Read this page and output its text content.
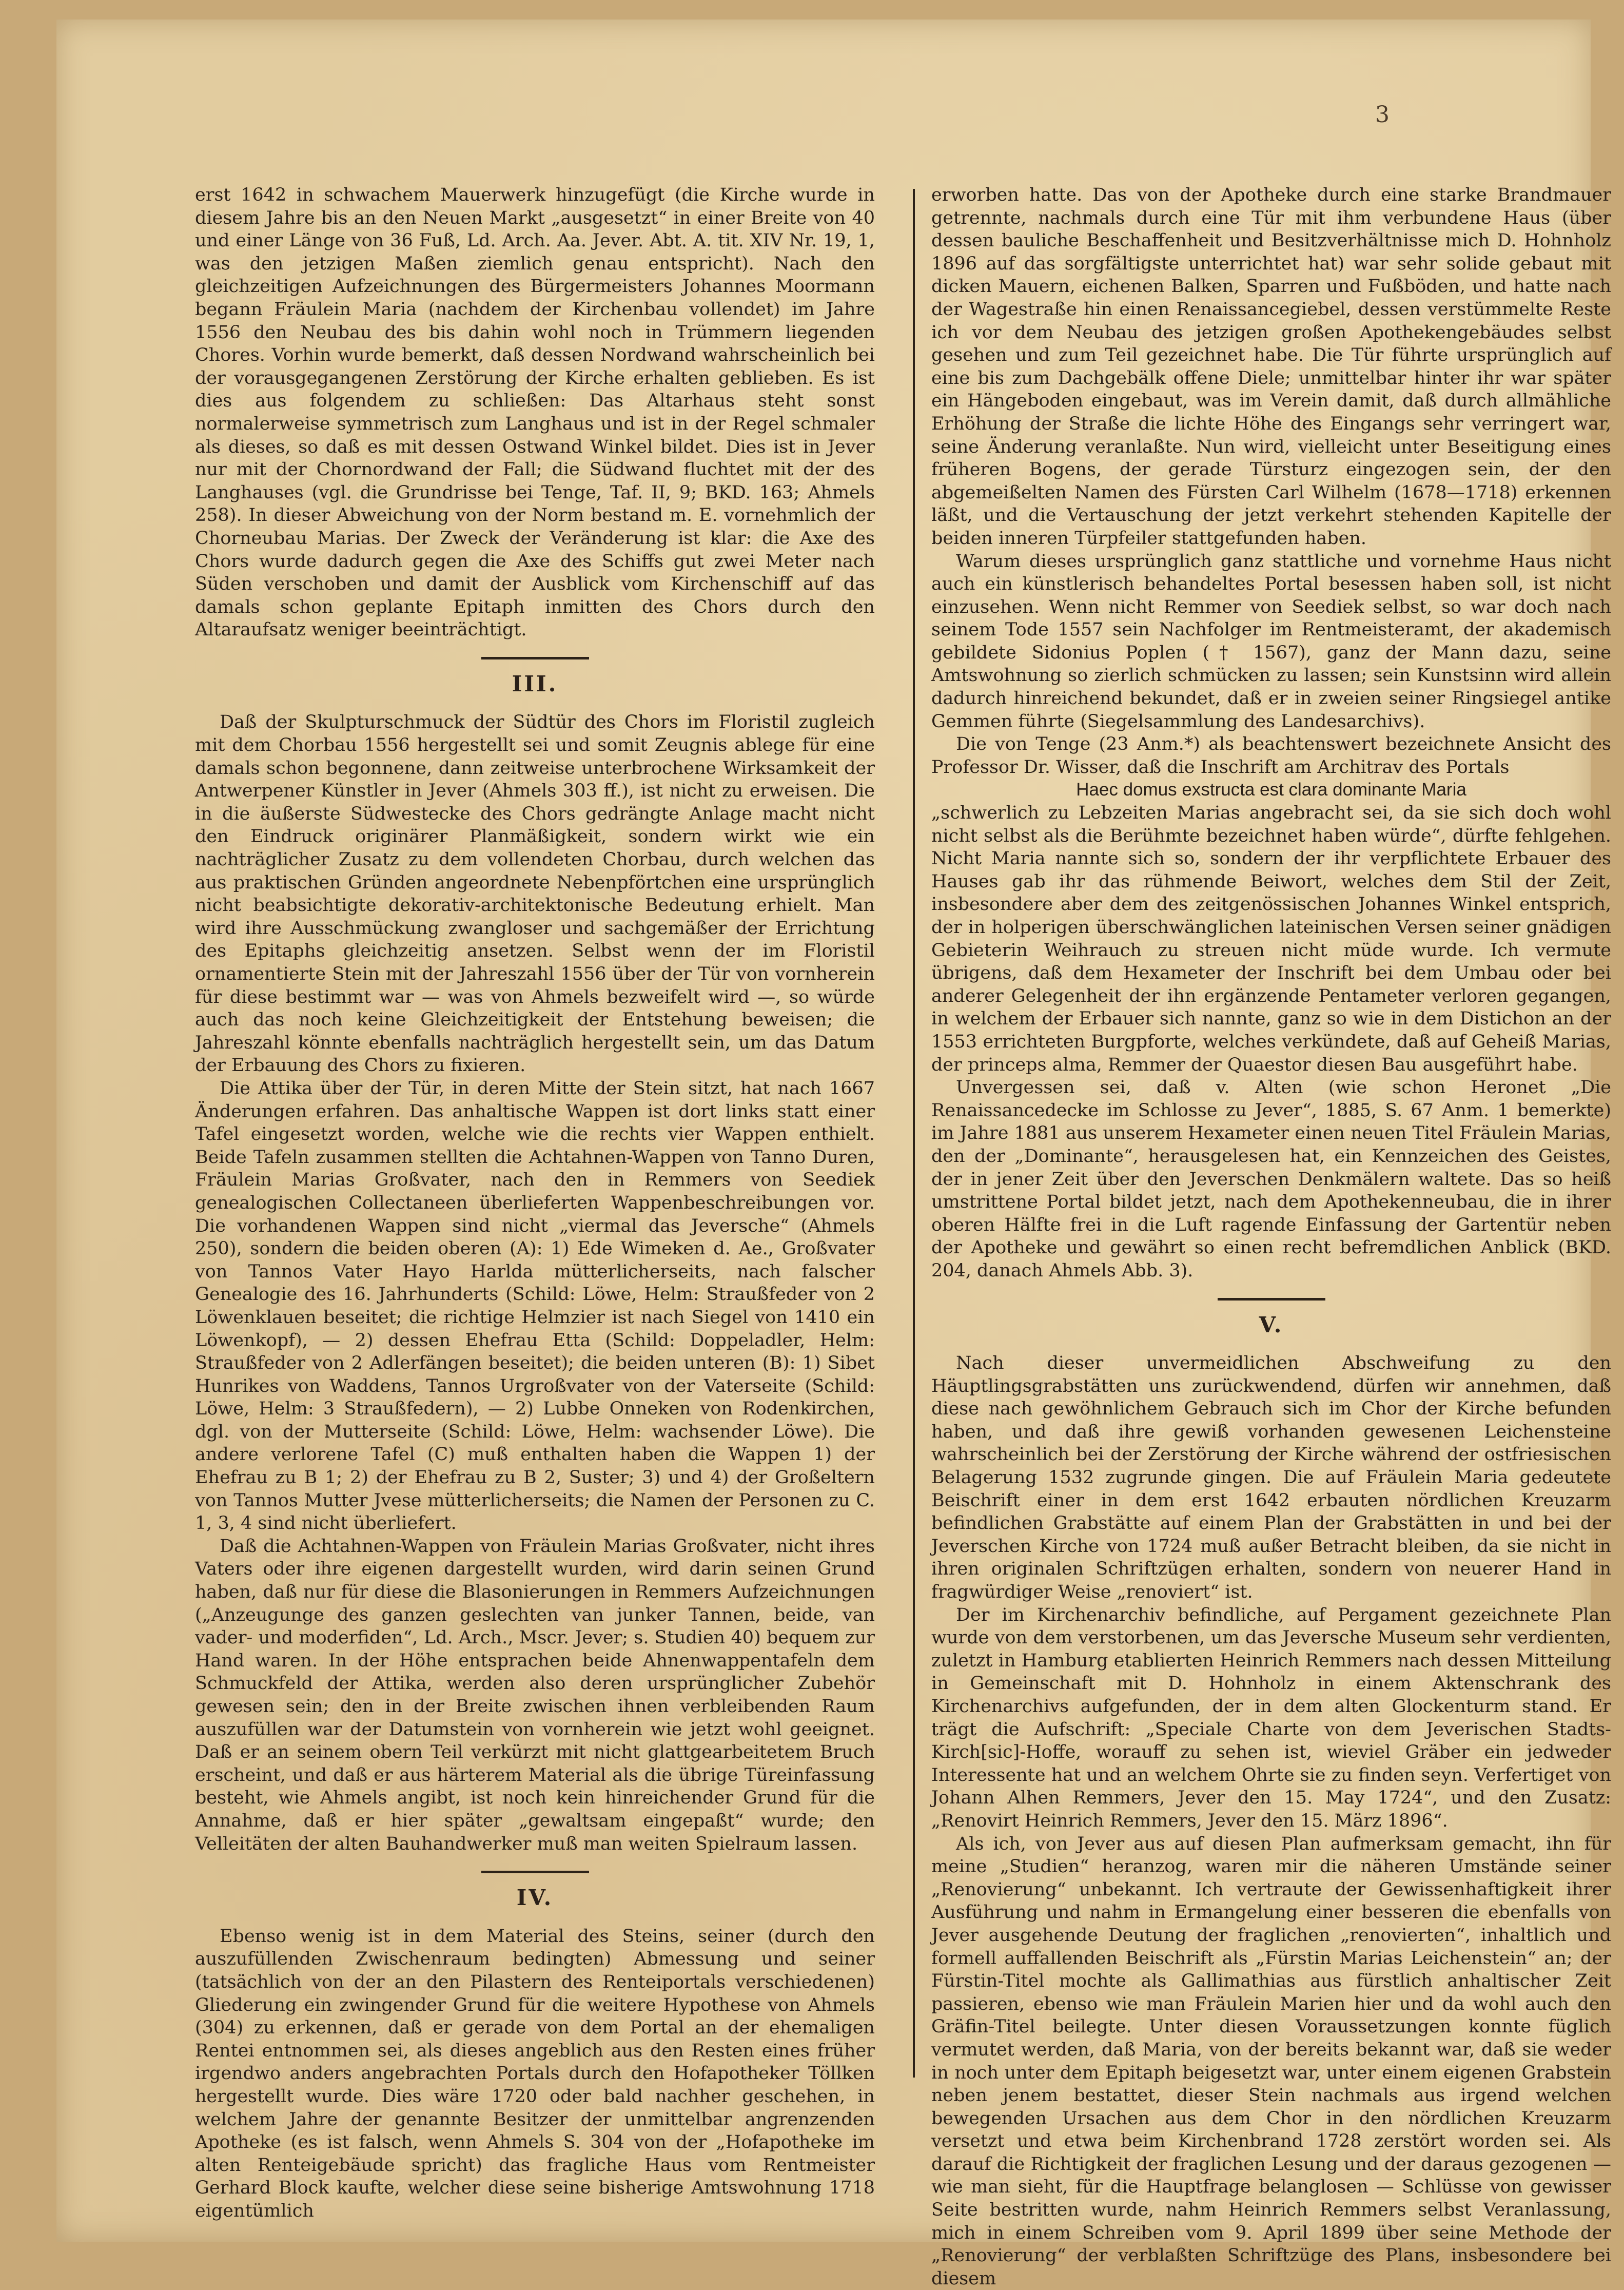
3

erst 1642 in schwachem Mauerwerk hinzugefügt (die Kirche wurde in diesem Jahre bis an den Neuen Markt „ausgesetzt“ in einer Breite von 40 und einer Länge von 36 Fuß, Ld. Arch. Aa. Jever. Abt. A. tit. XIV Nr. 19, 1, was den jetzigen Maßen ziemlich genau entspricht). Nach den gleichzeitigen Aufzeichnungen des Bürgermeisters Johannes Moormann begann Fräulein Maria (nachdem der Kirchenbau vollendet) im Jahre 1556 den Neubau des bis dahin wohl noch in Trümmern liegenden Chores. Vorhin wurde bemerkt, daß dessen Nordwand wahrscheinlich bei der vorausgegangenen Zerstörung der Kirche erhalten geblieben. Es ist dies aus folgendem zu schließen: Das Altarhaus steht sonst normalerweise symmetrisch zum Langhaus und ist in der Regel schmaler als dieses, so daß es mit dessen Ostwand Winkel bildet. Dies ist in Jever nur mit der Chornordwand der Fall; die Südwand fluchtet mit der des Langhauses (vgl. die Grundrisse bei Tenge, Taf. II, 9; BKD. 163; Ahmels 258). In dieser Abweichung von der Norm bestand m. E. vornehmlich der Chorneubau Marias. Der Zweck der Veränderung ist klar: die Axe des Chors wurde dadurch gegen die Axe des Schiffs gut zwei Meter nach Süden verschoben und damit der Ausblick vom Kirchenschiff auf das damals schon geplante Epitaph inmitten des Chors durch den Altaraufsatz weniger beeinträchtigt.

III.

Daß der Skulpturschmuck der Südtür des Chors im Floristil zugleich mit dem Chorbau 1556 hergestellt sei und somit Zeugnis ablege für eine damals schon begonnene, dann zeitweise unterbrochene Wirksamkeit der Antwerpener Künstler in Jever (Ahmels 303 ff.), ist nicht zu erweisen. Die in die äußerste Südwestecke des Chors gedrängte Anlage macht nicht den Eindruck originärer Planmäßigkeit, sondern wirkt wie ein nachträglicher Zusatz zu dem vollendeten Chorbau, durch welchen das aus praktischen Gründen angeordnete Nebenpförtchen eine ursprünglich nicht beabsichtigte dekorativ-architektonische Bedeutung erhielt. Man wird ihre Ausschmückung zwangloser und sachgemäßer der Errichtung des Epitaphs gleichzeitig ansetzen. Selbst wenn der im Floristil ornamentierte Stein mit der Jahreszahl 1556 über der Tür von vornherein für diese bestimmt war — was von Ahmels bezweifelt wird —, so würde auch das noch keine Gleichzeitigkeit der Entstehung beweisen; die Jahreszahl könnte ebenfalls nachträglich hergestellt sein, um das Datum der Erbauung des Chors zu fixieren.

Die Attika über der Tür, in deren Mitte der Stein sitzt, hat nach 1667 Änderungen erfahren. Das anhaltische Wappen ist dort links statt einer Tafel eingesetzt worden, welche wie die rechts vier Wappen enthielt. Beide Tafeln zusammen stellten die Achtahnen-Wappen von Tanno Duren, Fräulein Marias Großvater, nach den in Remmers von Seediek genealogischen Collectaneen überlieferten Wappenbeschreibungen vor. Die vorhandenen Wappen sind nicht „viermal das Jeversche“ (Ahmels 250), sondern die beiden oberen (A): 1) Ede Wimeken d. Ae., Großvater von Tannos Vater Hayo Harlda mütterlicherseits, nach falscher Genealogie des 16. Jahrhunderts (Schild: Löwe, Helm: Straußfeder von 2 Löwenklauen beseitet; die richtige Helmzier ist nach Siegel von 1410 ein Löwenkopf), — 2) dessen Ehefrau Etta (Schild: Doppeladler, Helm: Straußfeder von 2 Adlerfängen beseitet); die beiden unteren (B): 1) Sibet Hunrikes von Waddens, Tannos Urgroßvater von der Vaterseite (Schild: Löwe, Helm: 3 Straußfedern), — 2) Lubbe Onneken von Rodenkirchen, dgl. von der Mutterseite (Schild: Löwe, Helm: wachsender Löwe). Die andere verlorene Tafel (C) muß enthalten haben die Wappen 1) der Ehefrau zu B 1; 2) der Ehefrau zu B 2, Suster; 3) und 4) der Großeltern von Tannos Mutter Jvese mütterlicherseits; die Namen der Personen zu C. 1, 3, 4 sind nicht überliefert.

Daß die Achtahnen-Wappen von Fräulein Marias Großvater, nicht ihres Vaters oder ihre eigenen dargestellt wurden, wird darin seinen Grund haben, daß nur für diese die Blasonierungen in Remmers Aufzeichnungen („Anzeugunge des ganzen geslechten van junker Tannen, beide, van vader- und moderfiden“, Ld. Arch., Mscr. Jever; s. Studien 40) bequem zur Hand waren. In der Höhe entsprachen beide Ahnenwappentafeln dem Schmuckfeld der Attika, werden also deren ursprünglicher Zubehör gewesen sein; den in der Breite zwischen ihnen verbleibenden Raum auszufüllen war der Datumstein von vornherein wie jetzt wohl geeignet. Daß er an seinem obern Teil verkürzt mit nicht glattgearbeitetem Bruch erscheint, und daß er aus härterem Material als die übrige Türeinfassung besteht, wie Ahmels angibt, ist noch kein hinreichender Grund für die Annahme, daß er hier später „gewaltsam eingepaßt“ wurde; den Velleitäten der alten Bauhandwerker muß man weiten Spielraum lassen.

IV.

Ebenso wenig ist in dem Material des Steins, seiner (durch den auszufüllenden Zwischenraum bedingten) Abmessung und seiner (tatsächlich von der an den Pilastern des Renteiportals verschiedenen) Gliederung ein zwingender Grund für die weitere Hypothese von Ahmels (304) zu erkennen, daß er gerade von dem Portal an der ehemaligen Rentei entnommen sei, als dieses angeblich aus den Resten eines früher irgendwo anders angebrachten Portals durch den Hofapotheker Töllken hergestellt wurde. Dies wäre 1720 oder bald nachher geschehen, in welchem Jahre der genannte Besitzer der unmittelbar angrenzenden Apotheke (es ist falsch, wenn Ahmels S. 304 von der „Hofapotheke im alten Renteigebäude spricht) das fragliche Haus vom Rentmeister Gerhard Block kaufte, welcher diese seine bisherige Amtswohnung 1718 eigentümlich

erworben hatte. Das von der Apotheke durch eine starke Brandmauer getrennte, nachmals durch eine Tür mit ihm verbundene Haus (über dessen bauliche Beschaffenheit und Besitzverhältnisse mich D. Hohnholz 1896 auf das sorgfältigste unterrichtet hat) war sehr solide gebaut mit dicken Mauern, eichenen Balken, Sparren und Fußböden, und hatte nach der Wagestraße hin einen Renaissancegiebel, dessen verstümmelte Reste ich vor dem Neubau des jetzigen großen Apothekengebäudes selbst gesehen und zum Teil gezeichnet habe. Die Tür führte ursprünglich auf eine bis zum Dachgebälk offene Diele; unmittelbar hinter ihr war später ein Hängeboden eingebaut, was im Verein damit, daß durch allmähliche Erhöhung der Straße die lichte Höhe des Eingangs sehr verringert war, seine Änderung veranlaßte. Nun wird, vielleicht unter Beseitigung eines früheren Bogens, der gerade Türsturz eingezogen sein, der den abgemeißelten Namen des Fürsten Carl Wilhelm (1678—1718) erkennen läßt, und die Vertauschung der jetzt verkehrt stehenden Kapitelle der beiden inneren Türpfeiler stattgefunden haben.

Warum dieses ursprünglich ganz stattliche und vornehme Haus nicht auch ein künstlerisch behandeltes Portal besessen haben soll, ist nicht einzusehen. Wenn nicht Remmer von Seediek selbst, so war doch nach seinem Tode 1557 sein Nachfolger im Rentmeisteramt, der akademisch gebildete Sidonius Poplen († 1567), ganz der Mann dazu, seine Amtswohnung so zierlich schmücken zu lassen; sein Kunstsinn wird allein dadurch hinreichend bekundet, daß er in zweien seiner Ringsiegel antike Gemmen führte (Siegelsammlung des Landesarchivs).

Die von Tenge (23 Anm.*) als beachtenswert bezeichnete Ansicht des Professor Dr. Wisser, daß die Inschrift am Architrav des Portals

Haec domus exstructa est clara dominante Maria

„schwerlich zu Lebzeiten Marias angebracht sei, da sie sich doch wohl nicht selbst als die Berühmte bezeichnet haben würde“, dürfte fehlgehen. Nicht Maria nannte sich so, sondern der ihr verpflichtete Erbauer des Hauses gab ihr das rühmende Beiwort, welches dem Stil der Zeit, insbesondere aber dem des zeitgenössischen Johannes Winkel entsprich, der in holperigen überschwänglichen lateinischen Versen seiner gnädigen Gebieterin Weihrauch zu streuen nicht müde wurde. Ich vermute übrigens, daß dem Hexameter der Inschrift bei dem Umbau oder bei anderer Gelegenheit der ihn ergänzende Pentameter verloren gegangen, in welchem der Erbauer sich nannte, ganz so wie in dem Distichon an der 1553 errichteten Burgpforte, welches verkündete, daß auf Geheiß Marias, der princeps alma, Remmer der Quaestor diesen Bau ausgeführt habe.

Unvergessen sei, daß v. Alten (wie schon Heronet „Die Renaissancedecke im Schlosse zu Jever“, 1885, S. 67 Anm. 1 bemerkte) im Jahre 1881 aus unserem Hexameter einen neuen Titel Fräulein Marias, den der „Dominante“, herausgelesen hat, ein Kennzeichen des Geistes, der in jener Zeit über den Jeverschen Denkmälern waltete. Das so heiß umstrittene Portal bildet jetzt, nach dem Apothekenneubau, die in ihrer oberen Hälfte frei in die Luft ragende Einfassung der Gartentür neben der Apotheke und gewährt so einen recht befremdlichen Anblick (BKD. 204, danach Ahmels Abb. 3).

V.

Nach dieser unvermeidlichen Abschweifung zu den Häuptlingsgrabstätten uns zurückwendend, dürfen wir annehmen, daß diese nach gewöhnlichem Gebrauch sich im Chor der Kirche befunden haben, und daß ihre gewiß vorhanden gewesenen Leichensteine wahrscheinlich bei der Zerstörung der Kirche während der ostfriesischen Belagerung 1532 zugrunde gingen. Die auf Fräulein Maria gedeutete Beischrift einer in dem erst 1642 erbauten nördlichen Kreuzarm befindlichen Grabstätte auf einem Plan der Grabstätten in und bei der Jeverschen Kirche von 1724 muß außer Betracht bleiben, da sie nicht in ihren originalen Schriftzügen erhalten, sondern von neuerer Hand in fragwürdiger Weise „renoviert“ ist.

Der im Kirchenarchiv befindliche, auf Pergament gezeichnete Plan wurde von dem verstorbenen, um das Jeversche Museum sehr verdienten, zuletzt in Hamburg etablierten Heinrich Remmers nach dessen Mitteilung in Gemeinschaft mit D. Hohnholz in einem Aktenschrank des Kirchenarchivs aufgefunden, der in dem alten Glockenturm stand. Er trägt die Aufschrift: „Speciale Charte von dem Jeverischen Stadts-Kirch[sic]-Hoffe, worauff zu sehen ist, wieviel Gräber ein jedweder Interessente hat und an welchem Ohrte sie zu finden seyn. Verfertiget von Johann Alhen Remmers, Jever den 15. May 1724“, und den Zusatz: „Renovirt Heinrich Remmers, Jever den 15. März 1896“.

Als ich, von Jever aus auf diesen Plan aufmerksam gemacht, ihn für meine „Studien“ heranzog, waren mir die näheren Umstände seiner „Renovierung“ unbekannt. Ich vertraute der Gewissenhaftigkeit ihrer Ausführung und nahm in Ermangelung einer besseren die ebenfalls von Jever ausgehende Deutung der fraglichen „renovierten“, inhaltlich und formell auffallenden Beischrift als „Fürstin Marias Leichenstein“ an; der Fürstin-Titel mochte als Gallimathias aus fürstlich anhaltischer Zeit passieren, ebenso wie man Fräulein Marien hier und da wohl auch den Gräfin-Titel beilegte. Unter diesen Voraussetzungen konnte füglich vermutet werden, daß Maria, von der bereits bekannt war, daß sie weder in noch unter dem Epitaph beigesetzt war, unter einem eigenen Grabstein neben jenem bestattet, dieser Stein nachmals aus irgend welchen bewegenden Ursachen aus dem Chor in den nördlichen Kreuzarm versetzt und etwa beim Kirchenbrand 1728 zerstört worden sei. Als darauf die Richtigkeit der fraglichen Lesung und der daraus gezogenen — wie man sieht, für die Hauptfrage belanglosen — Schlüsse von gewisser Seite bestritten wurde, nahm Heinrich Remmers selbst Veranlassung, mich in einem Schreiben vom 9. April 1899 über seine Methode der „Renovierung“ der verblaßten Schriftzüge des Plans, insbesondere bei diesem
